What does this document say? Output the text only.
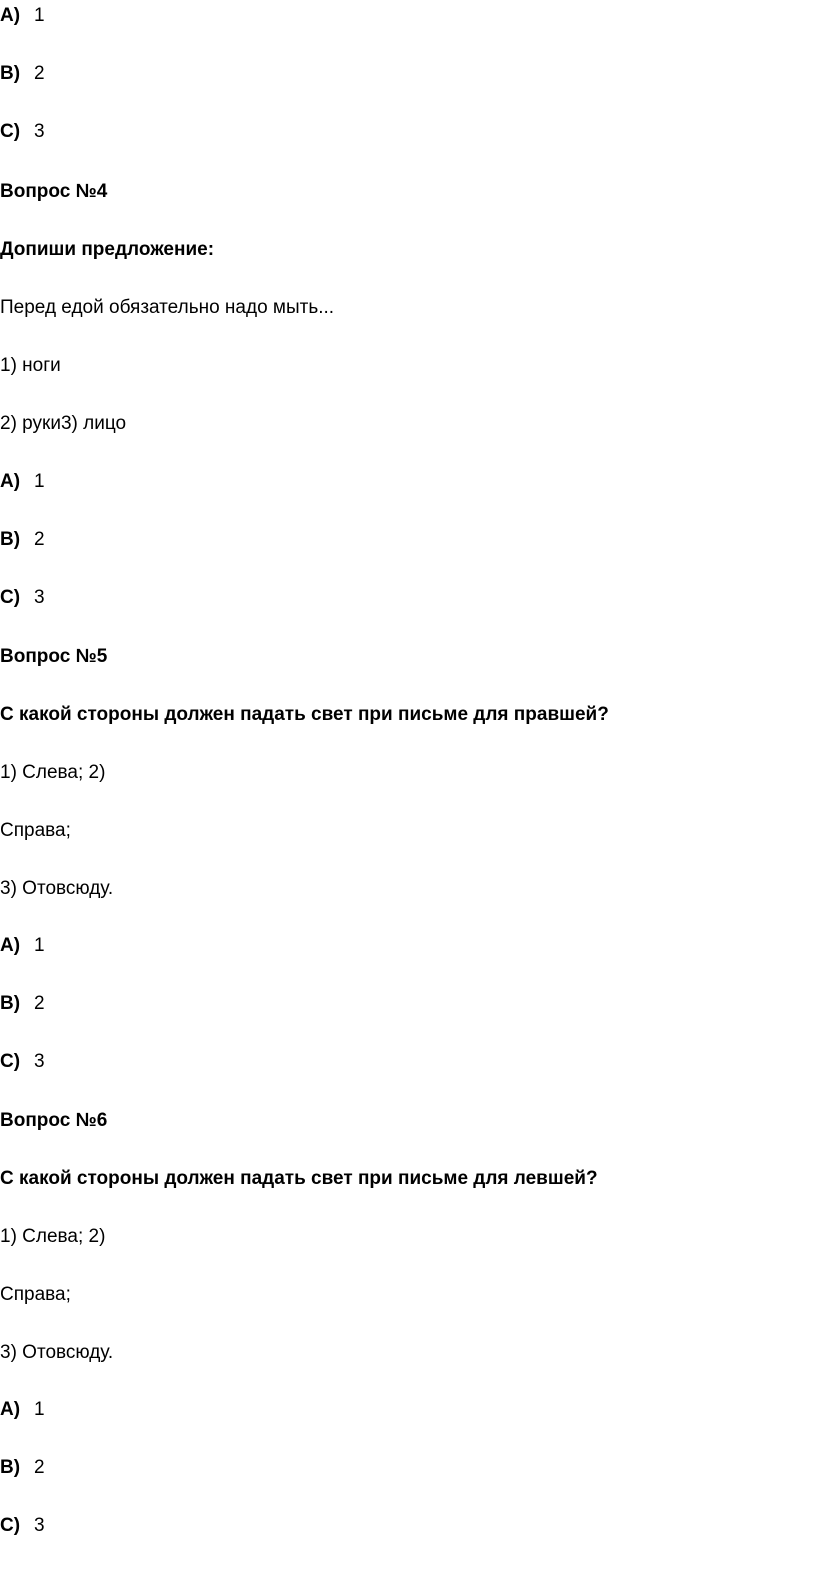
A) 1
B) 2
C) 3
Вопрос №4
Допиши предложение:
Перед едой обязательно надо мыть...
1) ноги
2) руки3) лицо
A) 1
B) 2
C) 3
Вопрос №5
С какой стороны должен падать свет при письме для правшей?
1) Слева; 2)
Справа;
3) Отовсюду.
A) 1
B) 2
C) 3
Вопрос №6
С какой стороны должен падать свет при письме для левшей?
1) Слева; 2)
Справа;
3) Отовсюду.
A) 1
B) 2
C) 3
